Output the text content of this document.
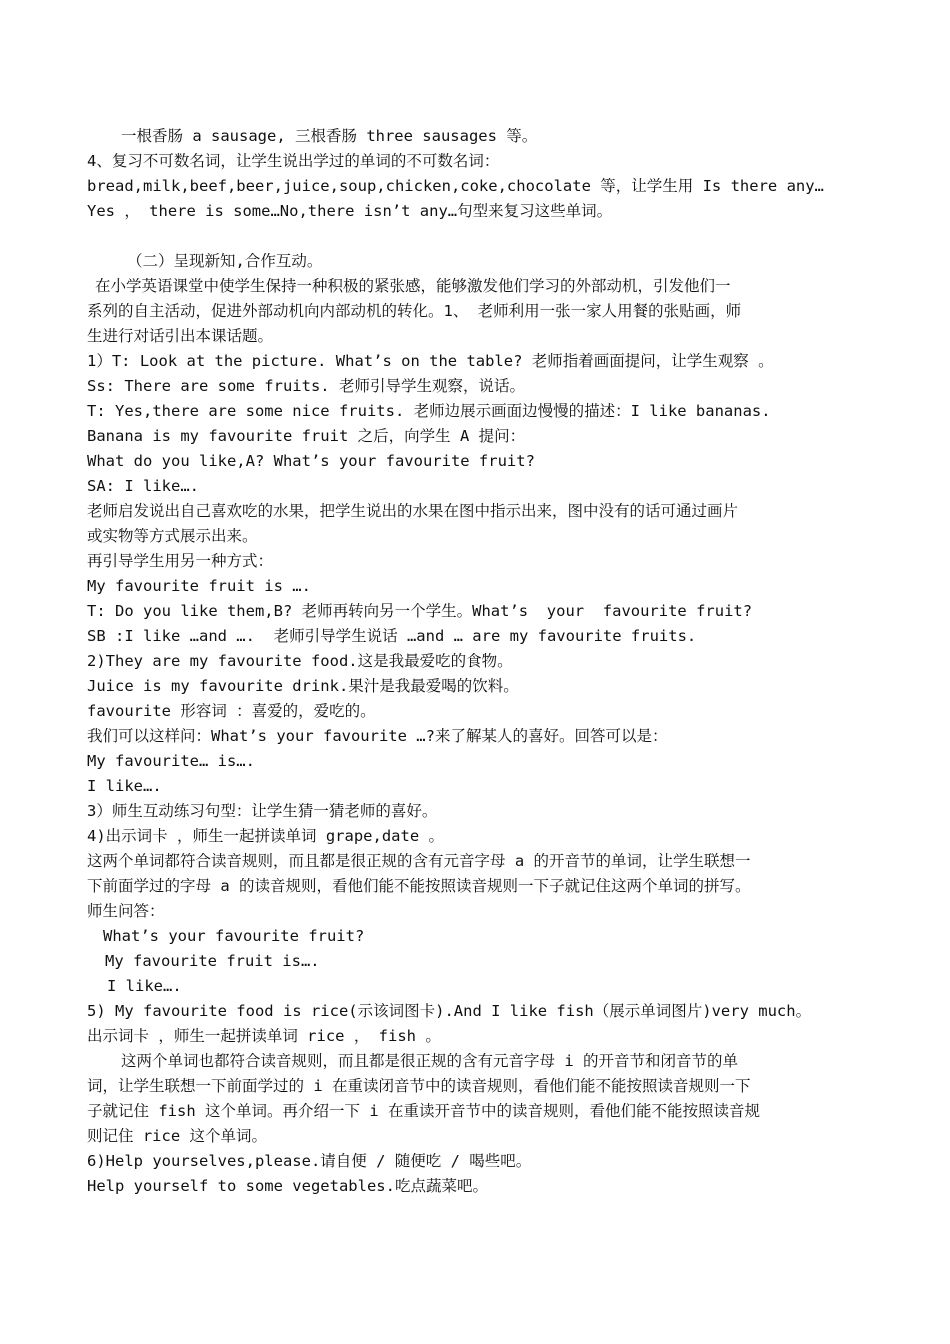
一根香肠 a sausage, 三根香肠 three sausages 等。
4、复习不可数名词，让学生说出学过的单词的不可数名词：
bread,milk,beef,beer,juice,soup,chicken,coke,chocolate 等，让学生用 Is there any…
Yes ， there is some…No,there isn’t any…句型来复习这些单词。
（二）呈现新知,合作互动。
在小学英语课堂中使学生保持一种积极的紧张感，能够激发他们学习的外部动机，引发他们一
系列的自主活动，促进外部动机向内部动机的转化。1、 老师利用一张一家人用餐的张贴画，师
生进行对话引出本课话题。
1）T: Look at the picture. What’s on the table? 老师指着画面提问，让学生观察 。
Ss: There are some fruits. 老师引导学生观察，说话。
T: Yes,there are some nice fruits. 老师边展示画面边慢慢的描述：I like bananas.
Banana is my favourite fruit 之后，向学生 A 提问：
What do you like,A? What’s your favourite fruit?
SA: I like….
老师启发说出自己喜欢吃的水果，把学生说出的水果在图中指示出来，图中没有的话可通过画片
或实物等方式展示出来。
再引导学生用另一种方式：
My favourite fruit is ….
T: Do you like them,B? 老师再转向另一个学生。What’s  your  favourite fruit?
SB :I like …and ….  老师引导学生说话 …and … are my favourite fruits.
2)They are my favourite food.这是我最爱吃的食物。
Juice is my favourite drink.果汁是我最爱喝的饮料。
favourite 形容词 ：喜爱的，爱吃的。
我们可以这样问：What’s your favourite …?来了解某人的喜好。回答可以是：
My favourite… is….
I like….
3）师生互动练习句型：让学生猜一猜老师的喜好。
4)出示词卡 ，师生一起拼读单词 grape,date 。
这两个单词都符合读音规则，而且都是很正规的含有元音字母 a 的开音节的单词，让学生联想一
下前面学过的字母 a 的读音规则，看他们能不能按照读音规则一下子就记住这两个单词的拼写。
师生问答：
What’s your favourite fruit?
My favourite fruit is….
I like….
5) My favourite food is rice(示该词图卡).And I like fish（展示单词图片)very much。
出示词卡 ，师生一起拼读单词 rice ， fish 。
这两个单词也都符合读音规则，而且都是很正规的含有元音字母 i 的开音节和闭音节的单
词，让学生联想一下前面学过的 i 在重读闭音节中的读音规则，看他们能不能按照读音规则一下
子就记住 fish 这个单词。再介绍一下 i 在重读开音节中的读音规则，看他们能不能按照读音规
则记住 rice 这个单词。
6)Help yourselves,please.请自便 / 随便吃 / 喝些吧。
Help yourself to some vegetables.吃点蔬菜吧。
